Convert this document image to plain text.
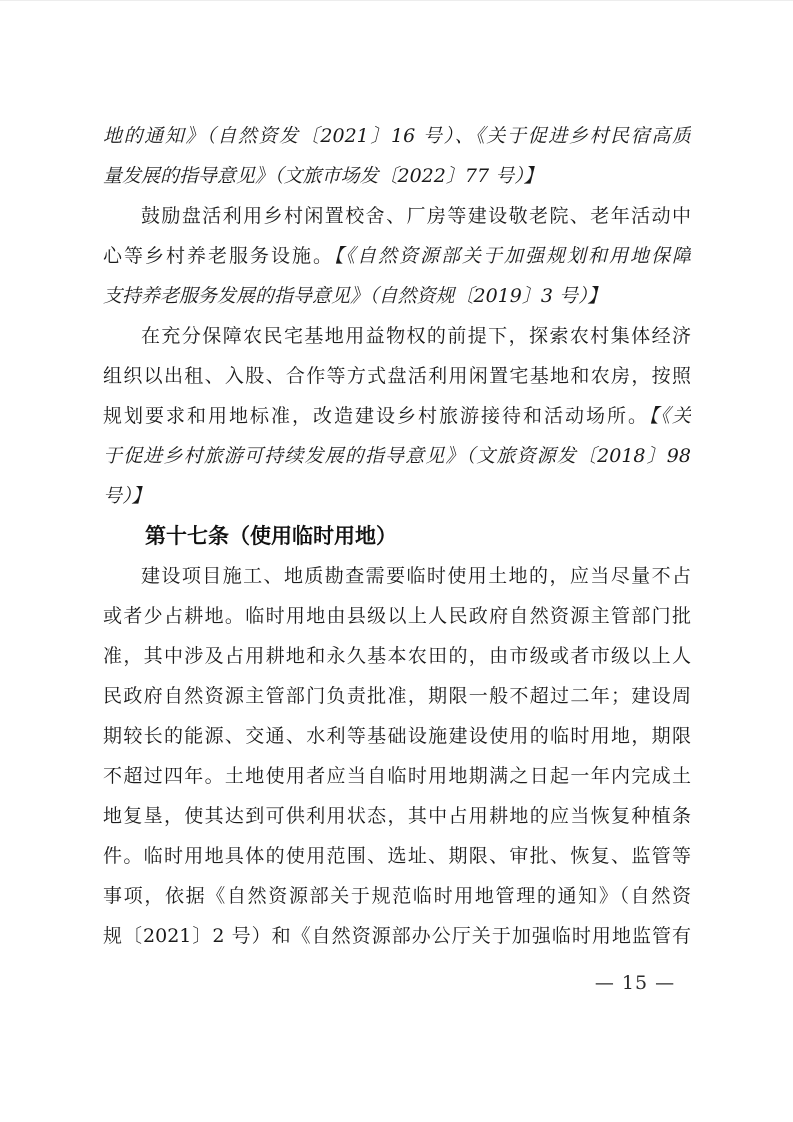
地的通知》（自然资发〔2021〕16 号）、《关于促进乡村民宿高质
量发展的指导意见》（文旅市场发〔2022〕77 号）】
鼓励盘活利用乡村闲置校舍、厂房等建设敬老院、老年活动中
心等乡村养老服务设施。【《自然资源部关于加强规划和用地保障
支持养老服务发展的指导意见》（自然资规〔2019〕3 号）】
在充分保障农民宅基地用益物权的前提下，探索农村集体经济
组织以出租、入股、合作等方式盘活利用闲置宅基地和农房，按照
规划要求和用地标准，改造建设乡村旅游接待和活动场所。【《关
于促进乡村旅游可持续发展的指导意见》（文旅资源发〔2018〕98
号）】
第十七条（使用临时用地）
建设项目施工、地质勘查需要临时使用土地的，应当尽量不占
或者少占耕地。临时用地由县级以上人民政府自然资源主管部门批
准，其中涉及占用耕地和永久基本农田的，由市级或者市级以上人
民政府自然资源主管部门负责批准，期限一般不超过二年；建设周
期较长的能源、交通、水利等基础设施建设使用的临时用地，期限
不超过四年。土地使用者应当自临时用地期满之日起一年内完成土
地复垦，使其达到可供利用状态，其中占用耕地的应当恢复种植条
件。临时用地具体的使用范围、选址、期限、审批、恢复、监管等
事项，依据《自然资源部关于规范临时用地管理的通知》（自然资
规〔2021〕2 号）和《自然资源部办公厅关于加强临时用地监管有
— 15 —
